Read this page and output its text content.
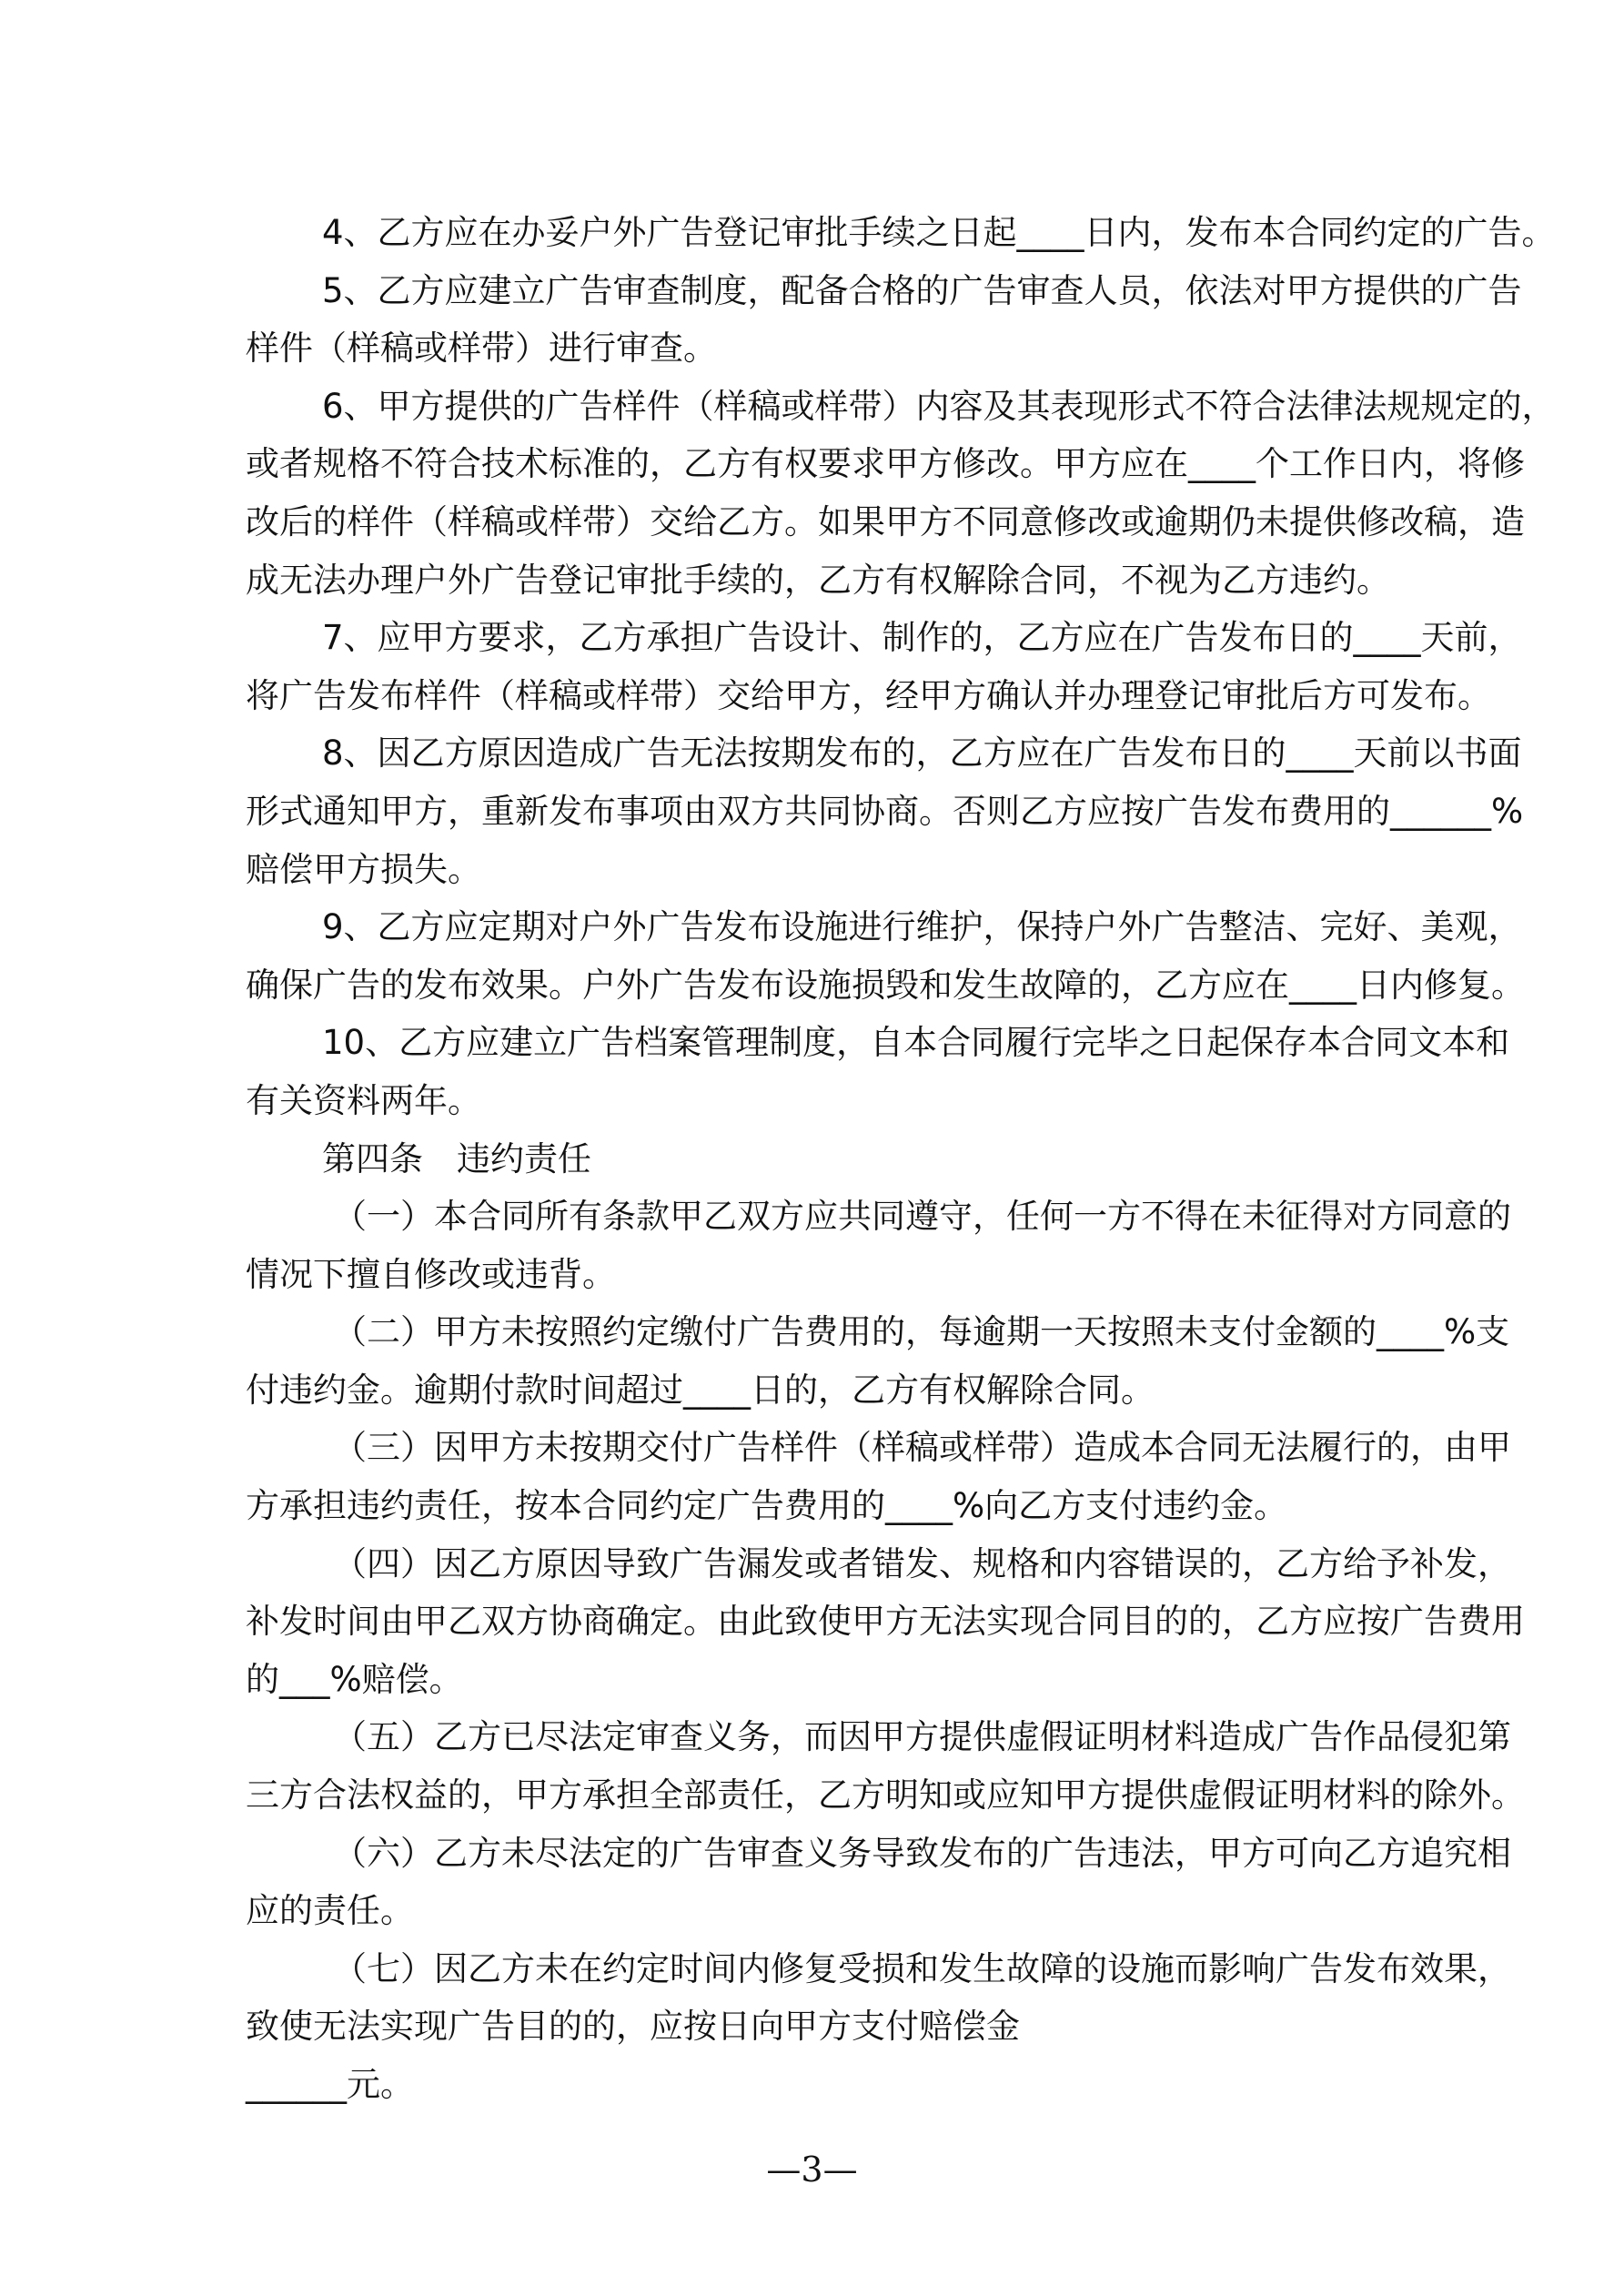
4、乙方应在办妥户外广告登记审批手续之日起____日内，发布本合同约定的广告。
5、乙方应建立广告审查制度，配备合格的广告审查人员，依法对甲方提供的广告
样件（样稿或样带）进行审查。
6、甲方提供的广告样件（样稿或样带）内容及其表现形式不符合法律法规规定的，
或者规格不符合技术标准的，乙方有权要求甲方修改。甲方应在____个工作日内，将修
改后的样件（样稿或样带）交给乙方。如果甲方不同意修改或逾期仍未提供修改稿，造
成无法办理户外广告登记审批手续的，乙方有权解除合同，不视为乙方违约。
7、应甲方要求，乙方承担广告设计、制作的，乙方应在广告发布日的____天前，
将广告发布样件（样稿或样带）交给甲方，经甲方确认并办理登记审批后方可发布。
8、因乙方原因造成广告无法按期发布的，乙方应在广告发布日的____天前以书面
形式通知甲方，重新发布事项由双方共同协商。否则乙方应按广告发布费用的______%
赔偿甲方损失。
9、乙方应定期对户外广告发布设施进行维护，保持户外广告整洁、完好、美观，
确保广告的发布效果。户外广告发布设施损毁和发生故障的，乙方应在____日内修复。
10、乙方应建立广告档案管理制度，自本合同履行完毕之日起保存本合同文本和
有关资料两年。
第四条　违约责任
（一）本合同所有条款甲乙双方应共同遵守，任何一方不得在未征得对方同意的
情况下擅自修改或违背。
（二）甲方未按照约定缴付广告费用的，每逾期一天按照未支付金额的____%支
付违约金。逾期付款时间超过____日的，乙方有权解除合同。
（三）因甲方未按期交付广告样件（样稿或样带）造成本合同无法履行的，由甲
方承担违约责任，按本合同约定广告费用的____%向乙方支付违约金。
（四）因乙方原因导致广告漏发或者错发、规格和内容错误的，乙方给予补发，
补发时间由甲乙双方协商确定。由此致使甲方无法实现合同目的的，乙方应按广告费用
的___%赔偿。
（五）乙方已尽法定审查义务，而因甲方提供虚假证明材料造成广告作品侵犯第
三方合法权益的，甲方承担全部责任，乙方明知或应知甲方提供虚假证明材料的除外。
（六）乙方未尽法定的广告审查义务导致发布的广告违法，甲方可向乙方追究相
应的责任。
（七）因乙方未在约定时间内修复受损和发生故障的设施而影响广告发布效果，
致使无法实现广告目的的，应按日向甲方支付赔偿金
______元。
—3—
